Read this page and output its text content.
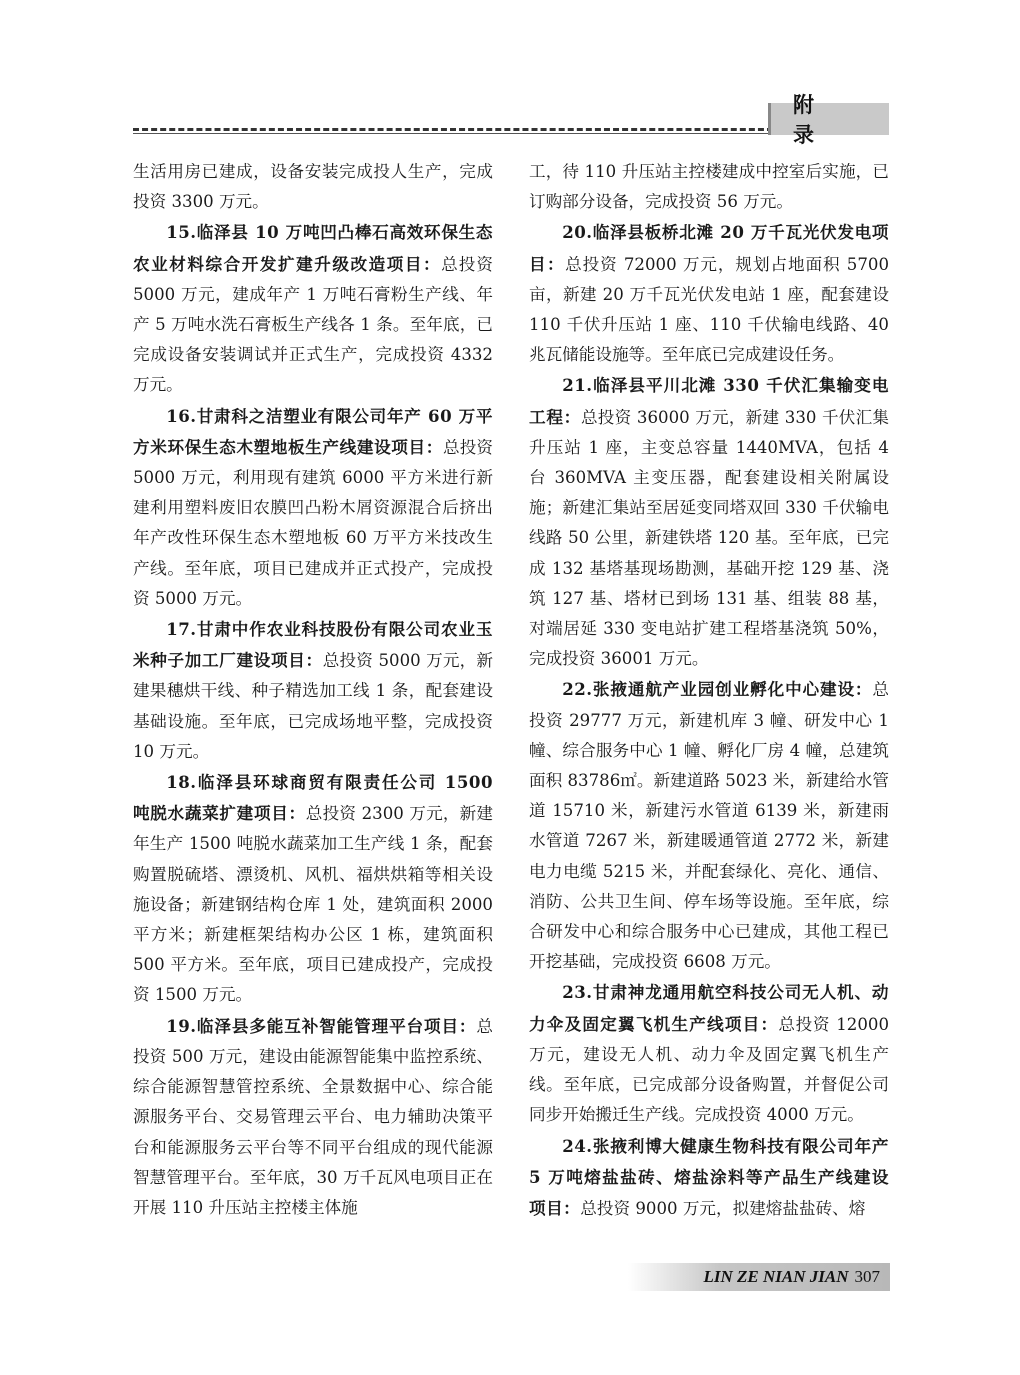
附 录

生活用房已建成，设备安装完成投人生产，完成投资 3300 万元。

15.临泽县 10 万吨凹凸棒石高效环保生态农业材料综合开发扩建升级改造项目：总投资 5000 万元，建成年产 1 万吨石膏粉生产线、年产 5 万吨水洗石膏板生产线各 1 条。至年底，已完成设备安装调试并正式生产，完成投资 4332 万元。

16.甘肃科之洁塑业有限公司年产 60 万平方米环保生态木塑地板生产线建设项目：总投资 5000 万元，利用现有建筑 6000 平方米进行新建利用塑料废旧农膜凹凸粉木屑资源混合后挤出年产改性环保生态木塑地板 60 万平方米技改生产线。至年底，项目已建成并正式投产，完成投资 5000 万元。

17.甘肃中作农业科技股份有限公司农业玉米种子加工厂建设项目：总投资 5000 万元，新建果穗烘干线、种子精选加工线 1 条，配套建设基础设施。至年底，已完成场地平整，完成投资 10 万元。

18.临泽县环球商贸有限责任公司 1500 吨脱水蔬菜扩建项目：总投资 2300 万元，新建年生产 1500 吨脱水蔬菜加工生产线 1 条，配套购置脱硫塔、漂烫机、风机、福烘烘箱等相关设施设备；新建钢结构仓库 1 处，建筑面积 2000 平方米；新建框架结构办公区 1 栋，建筑面积 500 平方米。至年底，项目已建成投产，完成投资 1500 万元。

19.临泽县多能互补智能管理平台项目：总投资 500 万元，建设由能源智能集中监控系统、综合能源智慧管控系统、全景数据中心、综合能源服务平台、交易管理云平台、电力辅助决策平台和能源服务云平台等不同平台组成的现代能源智慧管理平台。至年底，30 万千瓦风电项目正在开展 110 升压站主控楼主体施

工，待 110 升压站主控楼建成中控室后实施，已订购部分设备，完成投资 56 万元。

20.临泽县板桥北滩 20 万千瓦光伏发电项目：总投资 72000 万元，规划占地面积 5700 亩，新建 20 万千瓦光伏发电站 1 座，配套建设 110 千伏升压站 1 座、110 千伏输电线路、40 兆瓦储能设施等。至年底已完成建设任务。

21.临泽县平川北滩 330 千伏汇集输变电工程：总投资 36000 万元，新建 330 千伏汇集升压站 1 座，主变总容量 1440MVA，包括 4 台 360MVA 主变压器，配套建设相关附属设施；新建汇集站至居延变同塔双回 330 千伏输电线路 50 公里，新建铁塔 120 基。至年底，已完成 132 基塔基现场勘测，基础开挖 129 基、浇筑 127 基、塔材已到场 131 基、组装 88 基，对端居延 330 变电站扩建工程塔基浇筑 50%，完成投资 36001 万元。

22.张掖通航产业园创业孵化中心建设：总投资 29777 万元，新建机库 3 幢、研发中心 1 幢、综合服务中心 1 幢、孵化厂房 4 幢，总建筑面积 83786㎡。新建道路 5023 米，新建给水管道 15710 米，新建污水管道 6139 米，新建雨水管道 7267 米，新建暖通管道 2772 米，新建电力电缆 5215 米，并配套绿化、亮化、通信、消防、公共卫生间、停车场等设施。至年底，综合研发中心和综合服务中心已建成，其他工程已开挖基础，完成投资 6608 万元。

23.甘肃神龙通用航空科技公司无人机、动力伞及固定翼飞机生产线项目：总投资 12000 万元，建设无人机、动力伞及固定翼飞机生产线。至年底，已完成部分设备购置，并督促公司同步开始搬迁生产线。完成投资 4000 万元。

24.张掖利博大健康生物科技有限公司年产 5 万吨熔盐盐砖、熔盐涂料等产品生产线建设项目：总投资 9000 万元，拟建熔盐盐砖、熔

LIN ZE NIAN JIAN 307
